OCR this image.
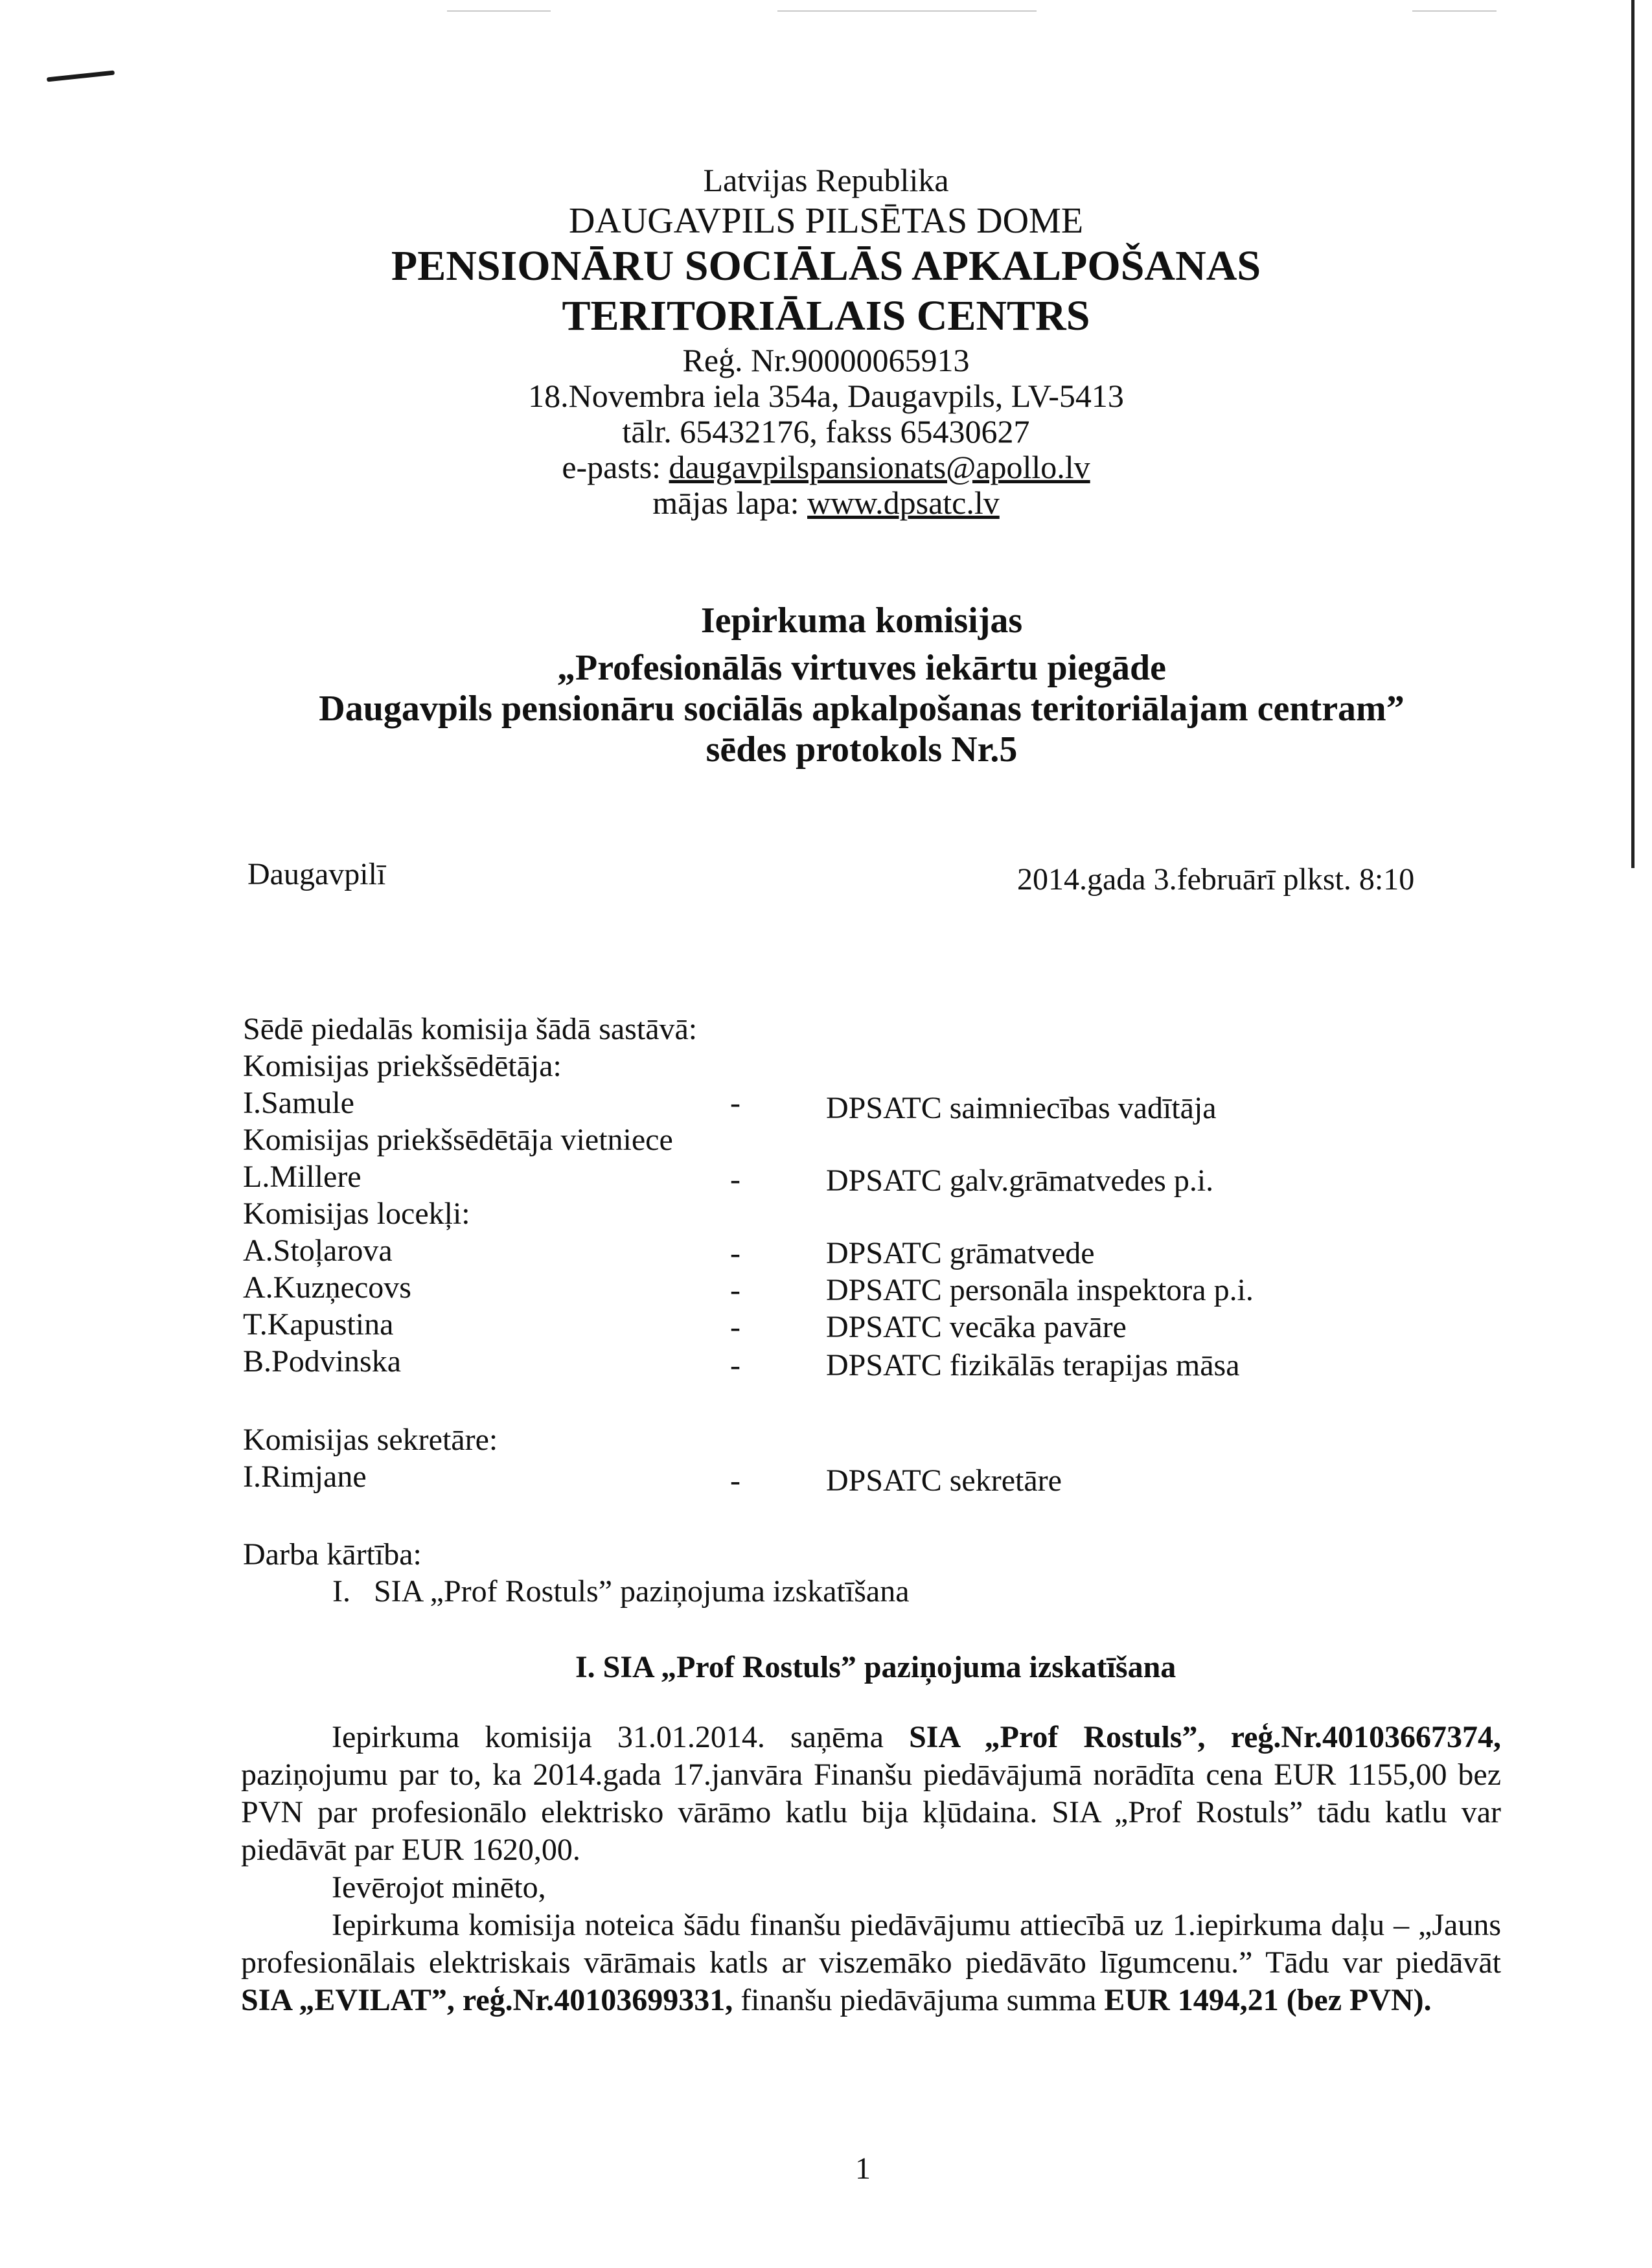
Latvijas Republika
DAUGAVPILS PILSĒTAS DOME
PENSIONĀRU SOCIĀLĀS APKALPOŠANAS
TERITORIĀLAIS CENTRS
Reģ. Nr.90000065913
18.Novembra iela 354a, Daugavpils, LV-5413
tālr. 65432176, fakss 65430627
e-pasts: daugavpilspansionats@apollo.lv
mājas lapa: www.dpsatc.lv
Iepirkuma komisijas
„Profesionālās virtuves iekārtu piegāde
Daugavpils pensionāru sociālās apkalpošanas teritoriālajam centram”
sēdes protokols Nr.5
Daugavpilī	2014.gada 3.februārī plkst. 8:10
Sēdē piedalās komisija šādā sastāvā:
Komisijas priekšsēdētāja:
I.Samule	-	DPSATC saimniecības vadītāja
Komisijas priekšsēdētāja vietniece
L.Millere	-	DPSATC galv.grāmatvedes p.i.
Komisijas locekļi:
A.Stoļarova	-	DPSATC grāmatvede
A.Kuzņecovs	-	DPSATC personāla inspektora p.i.
T.Kapustina	-	DPSATC vecāka pavāre
B.Podvinska	-	DPSATC fizikālās terapijas māsa
Komisijas sekretāre:
I.Rimjane	-	DPSATC sekretāre
Darba kārtība:
I.   SIA „Prof Rostuls” paziņojuma izskatīšana
I. SIA „Prof Rostuls” paziņojuma izskatīšana
Iepirkuma komisija 31.01.2014. saņēma SIA „Prof Rostuls”, reģ.Nr.40103667374, paziņojumu par to, ka 2014.gada 17.janvāra Finanšu piedāvājumā norādīta cena EUR 1155,00 bez PVN par profesionālo elektrisko vārāmo katlu bija kļūdaina. SIA „Prof Rostuls” tādu katlu var piedāvāt par EUR 1620,00.
Ievērojot minēto,
Iepirkuma komisija noteica šādu finanšu piedāvājumu attiecībā uz 1.iepirkuma daļu – „Jauns profesionālais elektriskais vārāmais katls ar viszemāko piedāvāto līgumcenu.” Tādu var piedāvāt SIA „EVILAT”, reģ.Nr.40103699331, finanšu piedāvājuma summa EUR 1494,21 (bez PVN).
1
